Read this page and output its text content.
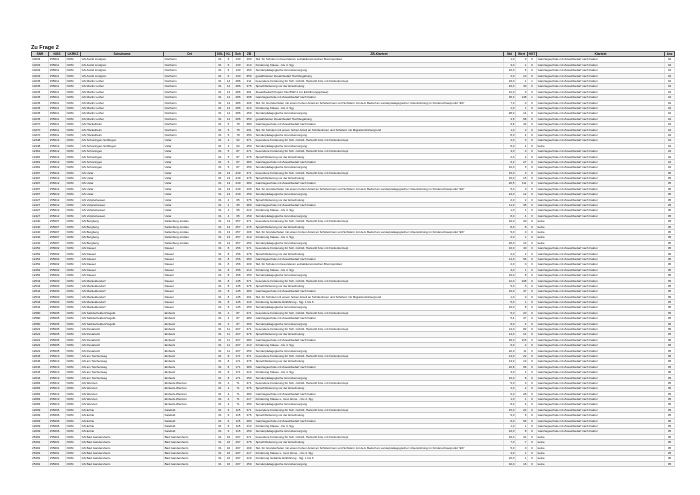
Zu Frage 2
SNR	NGS	LKRKZ	Schulname	Ort	SGL	KL	Sch	ZB	ZB-Klartext	Std	Wert	HGT	Klartext	Anz
10233	155011	NOM	GS Astrid Lindgren	Northeim	01	6	130	400	Std. für Schulen in besonderen sozialökonomischen Brennpunkten	1,0	0	X	Ganztagsschule mit Zusatzbedarf nach Faktor	04
10233	155011	NOM	GS Astrid Lindgren	Northeim	01	6	130	413	Förderung Klasse - bis 4. Sjg.	3,0	1	0	Ganztagsschule mit Zusatzbedarf nach Faktor	04
10233	155011	NOM	GS Astrid Lindgren	Northeim	01	6	130	450	Sonderpädagogische Grundversorgung	16,0	6	0	Ganztagsschule mit Zusatzbedarf nach Faktor	04
10233	155011	NOM	GS Astrid Lindgren	Northeim	01	6	130	950	gewährleister Zusatzbedarf Hochbegabung	2,0	10	0	Ganztagsschule mit Zusatzbedarf nach Faktor	04
10245	155011	NOM	GS Martin Luther	Northeim	01	14	286	211	besondere Förderung für Sch. nichtdt. Herkunft bzw. mit Förderkonzept	34,0	1	1	Ganztagsschule mit Zusatzbedarf nach Faktor	04
10245	155011	NOM	GS Martin Luther	Northeim	01	14	286	376	Sprachförderung vor der Einschulung	46,0	40	0	Ganztagsschule mit Zusatzbedarf nach Faktor	04
10245	155011	NOM	GS Martin Luther	Northeim	01	14	286	391	Zusatzbedarf Projekt: Die BSR 4 zur Einführungsphase)	12,0	0	0	Ganztagsschule mit Zusatzbedarf nach Faktor	04
10245	155011	NOM	GS Martin Luther	Northeim	01	14	286	395	Ganztagsschule mit Zusatzbedarf nach Faktor	36,3	148	1	Ganztagsschule mit Zusatzbedarf nach Faktor	04
10245	155011	NOM	GS Martin Luther	Northeim	01	14	286	409	Std. für Grundschulen mit einem hohen Anteil an Schülerinnen und Schülern mit dem Bedarf an sonderpädagogischer Unterstützung im Förderschwerpunkt "ES"	7,0	0	0	Ganztagsschule mit Zusatzbedarf nach Faktor	04
10245	155011	NOM	GS Martin Luther	Northeim	01	14	286	413	Förderung Klasse - bis 4. Sjg.	1,0	1	0	Ganztagsschule mit Zusatzbedarf nach Faktor	04
10245	155011	NOM	GS Martin Luther	Northeim	01	14	286	450	Sonderpädagogische Grundversorgung	28,0	14	0	Ganztagsschule mit Zusatzbedarf nach Faktor	04
10245	155011	NOM	GS Martin Luther	Northeim	01	14	286	950	gewährleister Zusatzbedarf Hochbegabung	3,5	68	0	Ganztagsschule mit Zusatzbedarf nach Faktor	04
10270	155011	NOM	GS Höckelheim	Northeim	01	5	78	380	Ganztagsschule mit Zusatzbedarf nach Faktor	6,6	42	0	Ganztagsschule mit Zusatzbedarf nach Faktor	04
10270	155011	NOM	GS Höckelheim	Northeim	01	5	78	401	Std. für Schulen mit einem hohen Anteil an Schülerinnen und Schülern mit Migrationshintergrund	1,0	0	0	Ganztagsschule mit Zusatzbedarf nach Faktor	04
10270	155011	NOM	GS Höckelheim	Northeim	01	5	78	450	Sonderpädagogische Grundversorgung	8,0	4	0	Ganztagsschule mit Zusatzbedarf nach Faktor	04
12348	155012	NOM	GS Schoningen-Sohlingen	Uslar	01	4	62	371	besondere Förderung für Sch. nichtdt. Herkunft bzw. mit Förderkonzept	4,0	0	0	Ganztagsschule mit Zusatzbedarf nach Faktor	04
12348	155012	NOM	GS Schoningen-Sohlingen	Uslar	01	4	62	450	Sonderpädagogische Grundversorgung	8,0	4	0	keine	04
12381	155012	NOM	GS Schoningen	Uslar	01	5	87	371	besondere Förderung für Sch. nichtdt. Herkunft bzw. mit Förderkonzept	3,0	0	0	Ganztagsschule mit Zusatzbedarf nach Faktor	04
12381	155012	NOM	GS Schoningen	Uslar	01	5	87	376	Sprachförderung vor der Einschulung	2,0	2	0	Ganztagsschule mit Zusatzbedarf nach Faktor	04
12381	155012	NOM	GS Schoningen	Uslar	01	5	87	380	Ganztagsschule mit Zusatzbedarf nach Faktor	6,3	27	0	Ganztagsschule mit Zusatzbedarf nach Faktor	04
12381	155012	NOM	GS Schoningen	Uslar	01	5	87	450	Sonderpädagogische Grundversorgung	10,0	5	0	Ganztagsschule mit Zusatzbedarf nach Faktor	04
12397	155012	NOM	GS Uslar	Uslar	01	13	249	371	besondere Förderung für Sch. nichtdt. Herkunft bzw. mit Förderkonzept	15,0	3	0	Ganztagsschule mit Zusatzbedarf nach Faktor	05
12397	155012	NOM	GS Uslar	Uslar	01	13	249	376	Sprachförderung vor der Einschulung	15,0	15	0	Ganztagsschule mit Zusatzbedarf nach Faktor	05
12397	155012	NOM	GS Uslar	Uslar	01	13	249	380	Ganztagsschule mit Zusatzbedarf nach Faktor	20,5	111	0	Ganztagsschule mit Zusatzbedarf nach Faktor	05
12397	155012	NOM	GS Uslar	Uslar	01	13	249	409	Std. für Grundschulen mit einem hohen Anteil an Schülerinnen und Schülern mit dem Bedarf an sonderpädagogischer Unterstützung im Förderschwerpunkt "ES"	5,0	0	0	Ganztagsschule mit Zusatzbedarf nach Faktor	05
12397	155012	NOM	GS Uslar	Uslar	01	13	249	450	Sonderpädagogische Grundversorgung	24,0	12	0	Ganztagsschule mit Zusatzbedarf nach Faktor	05
12427	155012	NOM	GS Volpriehausen	Uslar	01	4	65	376	Sprachförderung vor der Einschulung	2,0	2	0	Ganztagsschule mit Zusatzbedarf nach Faktor	05
12427	155012	NOM	GS Volpriehausen	Uslar	01	4	65	380	Ganztagsschule mit Zusatzbedarf nach Faktor	11,0	35	0	Ganztagsschule mit Zusatzbedarf nach Faktor	05
12427	155012	NOM	GS Volpriehausen	Uslar	01	4	65	413	Förderung Klasse - bis 4. Sjg.	1,0	1	0	Ganztagsschule mit Zusatzbedarf nach Faktor	05
12427	155012	NOM	GS Volpriehausen	Uslar	01	4	65	450	Sonderpädagogische Grundversorgung	8,0	4	0	Ganztagsschule mit Zusatzbedarf nach Faktor	05
12440	155007	NOM	GS Burgberg	Katlenburg-Lindau	01	13	257	371	besondere Förderung für Sch. nichtdt. Herkunft bzw. mit Förderkonzept	16,0	40	0	keine	05
12440	155007	NOM	GS Burgberg	Katlenburg-Lindau	01	13	257	376	Sprachförderung vor der Einschulung	8,0	8	0	keine	05
12440	155007	NOM	GS Burgberg	Katlenburg-Lindau	01	13	257	409	Std. für Grundschulen mit einem hohen Anteil an Schülerinnen und Schülern mit dem Bedarf an sonderpädagogischer Unterstützung im Förderschwerpunkt "ES"	5,0	0	0	keine	05
12440	155007	NOM	GS Burgberg	Katlenburg-Lindau	01	13	257	413	Förderung Klasse - bis 4. Sjg.	2,0	1	0	keine	05
12440	155007	NOM	GS Burgberg	Katlenburg-Lindau	01	13	257	450	Sonderpädagogische Grundversorgung	26,0	13	0	keine	05
12452	155002	NOM	GS Dassel	Dassel	01	8	156	371	besondere Förderung für Sch. nichtdt. Herkunft bzw. mit Förderkonzept	16,0	40	0	Ganztagsschule mit Zusatzbedarf nach Faktor	05
12452	155002	NOM	GS Dassel	Dassel	01	8	156	376	Sprachförderung vor der Einschulung	2,0	2	0	Ganztagsschule mit Zusatzbedarf nach Faktor	05
12452	155002	NOM	GS Dassel	Dassel	01	8	156	380	Ganztagsschule mit Zusatzbedarf nach Faktor	14,0	96	0	Ganztagsschule mit Zusatzbedarf nach Faktor	05
12452	155002	NOM	GS Dassel	Dassel	01	8	156	400	Std. für Schulen in besonderen sozialökonomischen Brennpunkten	2,0	0	0	Ganztagsschule mit Zusatzbedarf nach Faktor	05
12452	155002	NOM	GS Dassel	Dassel	01	8	156	413	Förderung Klasse - bis 4. Sjg.	3,0	1	0	Ganztagsschule mit Zusatzbedarf nach Faktor	05
12452	155002	NOM	GS Dassel	Dassel	01	8	156	450	Sonderpädagogische Grundversorgung	16,0	8	0	Ganztagsschule mit Zusatzbedarf nach Faktor	05
12543	155003	NOM	GS Markoldendorf	Dassel	01	8	145	371	besondere Förderung für Sch. nichtdt. Herkunft bzw. mit Förderkonzept	12,0	108	0	Ganztagsschule mit Zusatzbedarf nach Faktor	05
12543	155003	NOM	GS Markoldendorf	Dassel	01	8	145	376	Sprachförderung vor der Einschulung	5,0	5	0	Ganztagsschule mit Zusatzbedarf nach Faktor	05
12543	155003	NOM	GS Markoldendorf	Dassel	01	8	145	380	Ganztagsschule mit Zusatzbedarf nach Faktor	16,0	47	0	Ganztagsschule mit Zusatzbedarf nach Faktor	05
12543	155003	NOM	GS Markoldendorf	Dassel	01	8	145	401	Std. für Schulen mit einem hohen Anteil an Schülerinnen und Schülern mit Migrationshintergrund	1,0	0	0	Ganztagsschule mit Zusatzbedarf nach Faktor	05
12543	155003	NOM	GS Markoldendorf	Dassel	01	8	145	419	Förderung Gebärde Einführung - Sjg. 1 bis 6	5,0	1	0	Ganztagsschule mit Zusatzbedarf nach Faktor	05
12543	155003	NOM	GS Markoldendorf	Dassel	01	8	145	450	Sonderpädagogische Grundversorgung	16,0	8	0	Ganztagsschule mit Zusatzbedarf nach Faktor	05
12580	155005	NOM	GS Salzderhelden/Vogelb.	Einbeck	01	4	87	371	besondere Förderung für Sch. nichtdt. Herkunft bzw. mit Förderkonzept	5,0	20	0	Ganztagsschule mit Zusatzbedarf nach Faktor	05
12580	155005	NOM	GS Salzderhelden/Vogelb.	Einbeck	01	4	87	380	Ganztagsschule mit Zusatzbedarf nach Faktor	5,4	37	0	Ganztagsschule mit Zusatzbedarf nach Faktor	05
12580	155005	NOM	GS Salzderhelden/Vogelb.	Einbeck	01	4	87	450	Sonderpädagogische Grundversorgung	8,0	4	0	Ganztagsschule mit Zusatzbedarf nach Faktor	05
12622	155005	NOM	GS Pestalozzi	Einbeck	01	11	207	371	besondere Förderung für Sch. nichtdt. Herkunft bzw. mit Förderkonzept	14,0	82	0	Ganztagsschule mit Zusatzbedarf nach Faktor	05
12622	155005	NOM	GS Pestalozzi	Einbeck	01	11	207	376	Sprachförderung vor der Einschulung	14,0	14	0	Ganztagsschule mit Zusatzbedarf nach Faktor	05
12622	155005	NOM	GS Pestalozzi	Einbeck	01	11	207	380	Ganztagsschule mit Zusatzbedarf nach Faktor	29,0	115	0	Ganztagsschule mit Zusatzbedarf nach Faktor	05
12622	155005	NOM	GS Pestalozzi	Einbeck	01	11	207	413	Förderung Klasse - bis 4. Sjg.	6,0	2	0	Ganztagsschule mit Zusatzbedarf nach Faktor	05
12622	155005	NOM	GS Pestalozzi	Einbeck	01	11	207	450	Sonderpädagogische Grundversorgung	22,0	11	0	Ganztagsschule mit Zusatzbedarf nach Faktor	05
12646	155013	NOM	GS am Teichenweg	Einbeck	01	8	171	371	besondere Förderung für Sch. nichtdt. Herkunft bzw. mit Förderkonzept	14,0	22	0	Ganztagsschule mit Zusatzbedarf nach Faktor	05
12646	155013	NOM	GS am Teichenweg	Einbeck	01	8	171	376	Sprachförderung vor der Einschulung	13,0	13	0	Ganztagsschule mit Zusatzbedarf nach Faktor	05
12646	155013	NOM	GS am Teichenweg	Einbeck	01	8	171	380	Ganztagsschule mit Zusatzbedarf nach Faktor	22,8	96	0	Ganztagsschule mit Zusatzbedarf nach Faktor	05
12646	155013	NOM	GS am Teichenweg	Einbeck	01	8	171	413	Förderung Klasse - bis 4. Sjg.	3,0	1	0	Ganztagsschule mit Zusatzbedarf nach Faktor	05
12646	155013	NOM	GS am Teichenweg	Einbeck	01	8	171	450	Sonderpädagogische Grundversorgung	16,0	8	0	Ganztagsschule mit Zusatzbedarf nach Faktor	05
12683	155013	NOM	GS Wenzen	Einbeck-Wenzen	01	4	71	371	besondere Förderung für Sch. nichtdt. Herkunft bzw. mit Förderkonzept	5,0	0	0	Ganztagsschule mit Zusatzbedarf nach Faktor	05
12683	155013	NOM	GS Wenzen	Einbeck-Wenzen	01	4	71	376	Sprachförderung vor der Einschulung	2,0	2	0	Ganztagsschule mit Zusatzbedarf nach Faktor	05
12683	155013	NOM	GS Wenzen	Einbeck-Wenzen	01	4	71	380	Ganztagsschule mit Zusatzbedarf nach Faktor	6,0	28	0	Ganztagsschule mit Zusatzbedarf nach Faktor	05
12683	155013	NOM	GS Wenzen	Einbeck-Wenzen	01	4	71	417	Förderung Klasse u. mod. Erme. - bis 4. Sjg.	1,0	1	0	Ganztagsschule mit Zusatzbedarf nach Faktor	05
12683	155013	NOM	GS Wenzen	Einbeck-Wenzen	01	4	71	450	Sonderpädagogische Grundversorgung	8,0	4	0	Ganztagsschule mit Zusatzbedarf nach Faktor	05
12609	155006	NOM	GS Echte	Kalefeld	01	6	115	371	besondere Förderung für Sch. nichtdt. Herkunft bzw. mit Förderkonzept	15,0	20	0	Ganztagsschule mit Zusatzbedarf nach Faktor	05
12609	155006	NOM	GS Echte	Kalefeld	01	6	115	376	Sprachförderung vor der Einschulung	6,0	6	0	Ganztagsschule mit Zusatzbedarf nach Faktor	05
12609	155006	NOM	GS Echte	Kalefeld	01	6	115	380	Ganztagsschule mit Zusatzbedarf nach Faktor	8,0	66	0	Ganztagsschule mit Zusatzbedarf nach Faktor	05
12609	155006	NOM	GS Echte	Kalefeld	01	6	115	413	Förderung Klasse - bis 4. Sjg.	1,0	1	0	Ganztagsschule mit Zusatzbedarf nach Faktor	05
12609	155006	NOM	GS Echte	Kalefeld	01	6	115	450	Sonderpädagogische Grundversorgung	16,0	8	0	Ganztagsschule mit Zusatzbedarf nach Faktor	05
25392	155001	NOM	GS Bad Gandersheim	Bad Gandersheim	01	16	297	371	besondere Förderung für Sch. nichtdt. Herkunft bzw. mit Förderkonzept	32,0	31	0	keine	05
25392	155001	NOM	GS Bad Gandersheim	Bad Gandersheim	01	16	297	376	Sprachförderung vor der Einschulung	7,0	7	0	keine	05
25392	155001	NOM	GS Bad Gandersheim	Bad Gandersheim	01	16	297	409	Std. für Grundschulen mit einem hohen Anteil an Schülerinnen und Schülern mit dem Bedarf an sonderpädagogischer Unterstützung im Förderschwerpunkt "ES"	5,0	0	0	keine	05
25392	155001	NOM	GS Bad Gandersheim	Bad Gandersheim	01	16	297	417	Förderung Klasse u. mod. Erme. - bis 4. Sjg.	4,0	1	0	keine	05
25392	155001	NOM	GS Bad Gandersheim	Bad Gandersheim	01	16	297	419	Förderung Gebärde Einführung - Sjg. 1 bis 6	16,0	1	0	keine	05
25392	155001	NOM	GS Bad Gandersheim	Bad Gandersheim	01	16	297	450	Sonderpädagogische Grundversorgung	32,0	16	0	keine	05
